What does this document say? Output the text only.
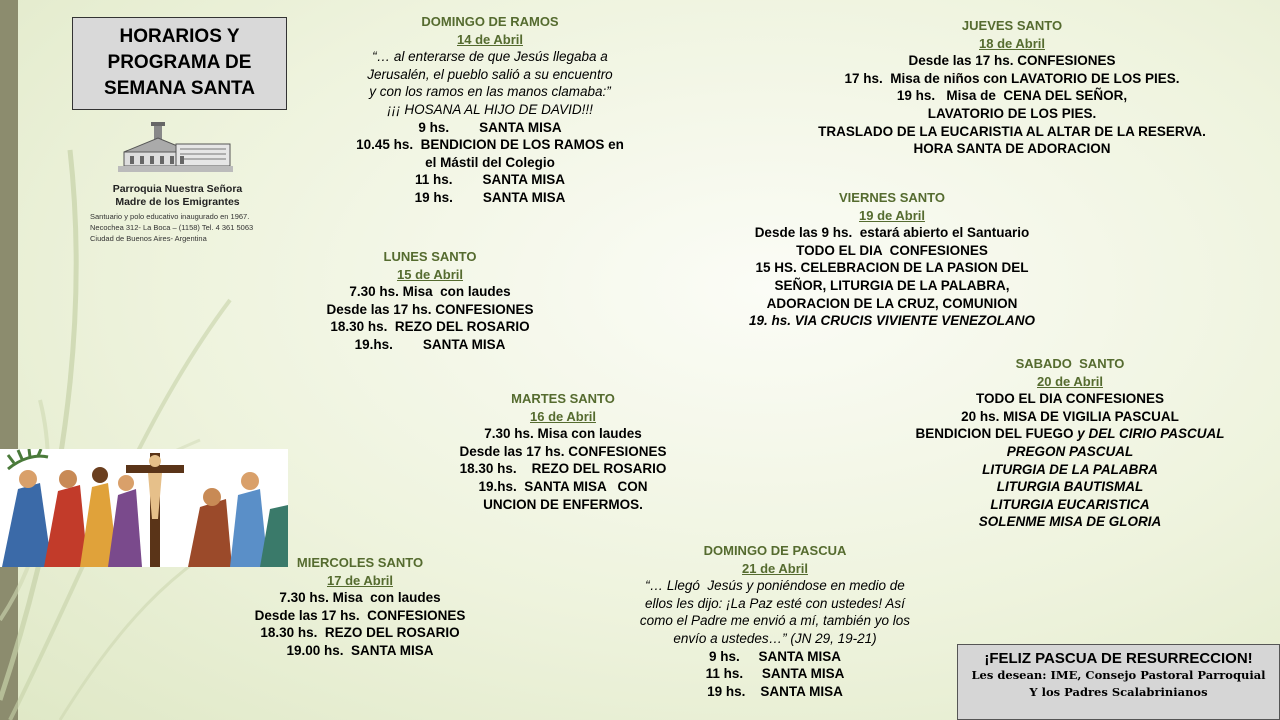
HORARIOS Y
PROGRAMA DE
SEMANA SANTA
Parroquia Nuestra Señora
Madre de los Emigrantes
Santuario y polo educativo inaugurado en 1967.
Necochea 312- La Boca – (1158) Tel. 4 361 5063
Ciudad de Buenos Aires- Argentina
DOMINGO DE RAMOS
14 de Abril
“… al enterarse de que Jesús llegaba a
Jerusalén, el pueblo salió a su encuentro
y con los ramos en las manos clamaba:”
¡¡¡ HOSANA AL HIJO DE DAVID!!!
9 hs.        SANTA MISA
10.45 hs.  BENDICION DE LOS RAMOS en
el Mástil del Colegio
11 hs.        SANTA MISA
19 hs.        SANTA MISA
LUNES SANTO
15 de Abril
7.30 hs. Misa  con laudes
Desde las 17 hs. CONFESIONES
18.30 hs.  REZO DEL ROSARIO
19.hs.        SANTA MISA
MARTES SANTO
16 de Abril
7.30 hs. Misa con laudes
Desde las 17 hs. CONFESIONES
18.30 hs.    REZO DEL ROSARIO
19.hs.  SANTA MISA   CON
UNCION DE ENFERMOS.
MIERCOLES SANTO
17 de Abril
7.30 hs. Misa  con laudes
Desde las 17 hs.  CONFESIONES
18.30 hs.  REZO DEL ROSARIO
19.00 hs.  SANTA MISA
JUEVES SANTO
18 de Abril
Desde las 17 hs. CONFESIONES
17 hs.  Misa de niños con LAVATORIO DE LOS PIES.
19 hs.   Misa de  CENA DEL SEÑOR,
LAVATORIO DE LOS PIES.
TRASLADO DE LA EUCARISTIA AL ALTAR DE LA RESERVA.
HORA SANTA DE ADORACION
VIERNES SANTO
19 de Abril
Desde las 9 hs.  estará abierto el Santuario
TODO EL DIA  CONFESIONES
15 HS. CELEBRACION DE LA PASION DEL
SEÑOR, LITURGIA DE LA PALABRA,
ADORACION DE LA CRUZ, COMUNION
19. hs. VIA CRUCIS VIVIENTE VENEZOLANO
SABADO  SANTO
20 de Abril
TODO EL DIA CONFESIONES
20 hs. MISA DE VIGILIA PASCUAL
BENDICION DEL FUEGO y DEL CIRIO PASCUAL
PREGON PASCUAL
LITURGIA DE LA PALABRA
LITURGIA BAUTISMAL
LITURGIA EUCARISTICA
SOLENME MISA DE GLORIA
DOMINGO DE PASCUA
21 de Abril
“… Llegó  Jesús y poniéndose en medio de
ellos les dijo: ¡La Paz esté con ustedes! Así
como el Padre me envió a mí, también yo los
envío a ustedes…” (JN 29, 19-21)
9 hs.     SANTA MISA
11 hs.     SANTA MISA
19 hs.    SANTA MISA
¡FELIZ PASCUA DE RESURRECCION!
Les desean: IME, Consejo Pastoral Parroquial
Y los Padres Scalabrinianos
